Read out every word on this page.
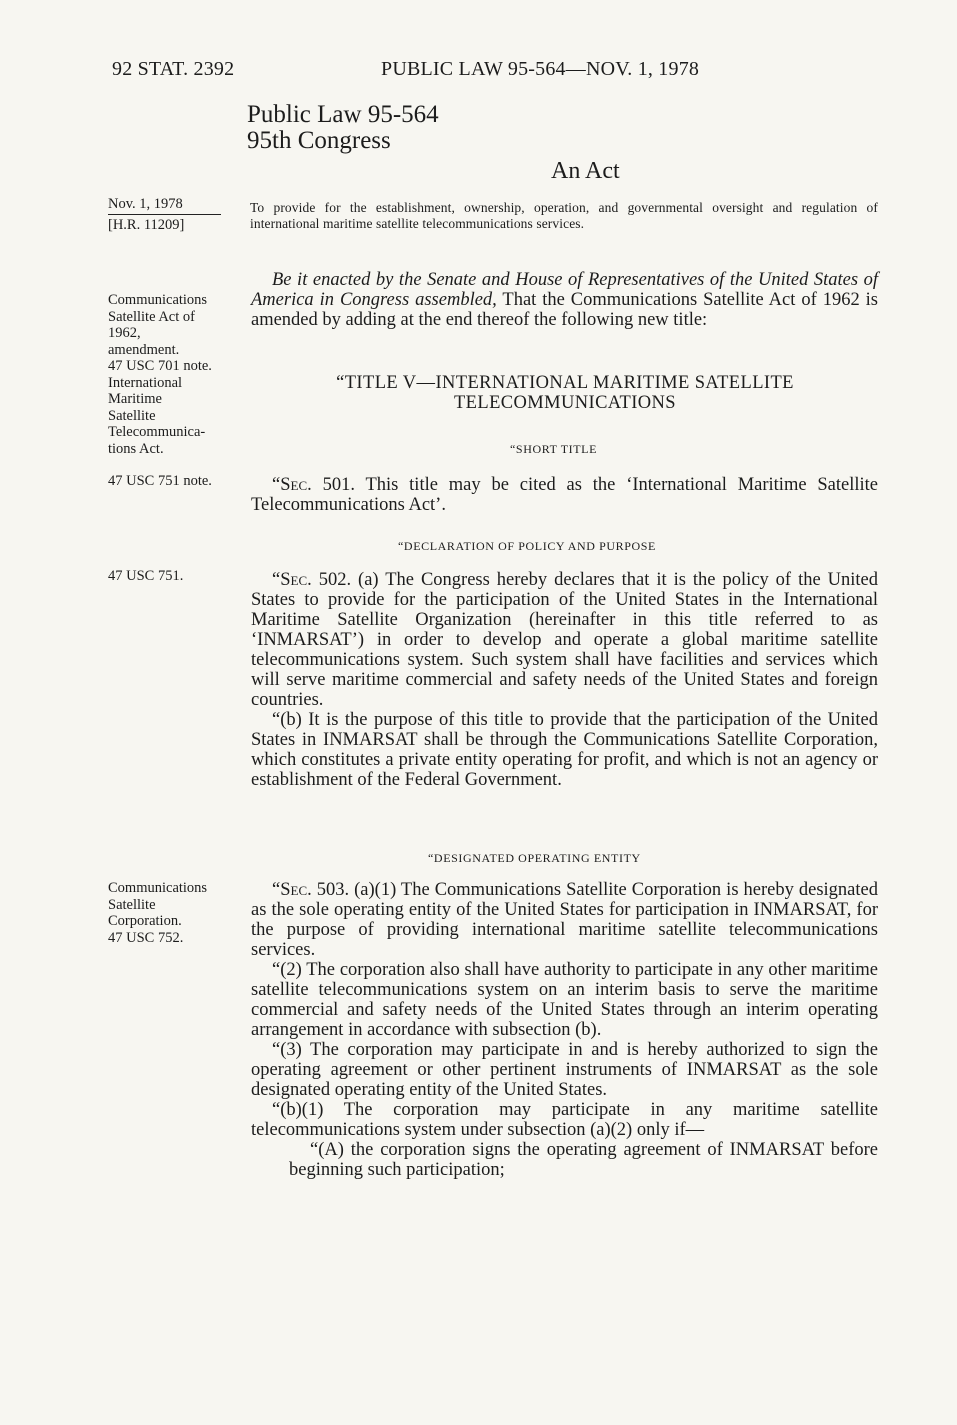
92 STAT. 2392	PUBLIC LAW 95-564—NOV. 1, 1978
Public Law 95-564
95th Congress
An Act
Nov. 1, 1978
[H.R. 11209]
Communications
Satellite Act of
1962,
amendment.
47 USC 701 note.
International
Maritime
Satellite
Telecommunica-
tions Act.
47 USC 751 note.
47 USC 751.
Communications
Satellite
Corporation.
47 USC 752.
To provide for the establishment, ownership, operation, and governmental oversight and regulation of international maritime satellite telecommunications services.

Be it enacted by the Senate and House of Representatives of the United States of America in Congress assembled, That the Communications Satellite Act of 1962 is amended by adding at the end thereof the following new title:

“TITLE V—INTERNATIONAL MARITIME SATELLITE
TELECOMMUNICATIONS
“SHORT TITLE

“Sec. 501. This title may be cited as the ‘International Maritime Satellite Telecommunications Act’.

“DECLARATION OF POLICY AND PURPOSE

“Sec. 502. (a) The Congress hereby declares that it is the policy of the United States to provide for the participation of the United States in the International Maritime Satellite Organization (hereinafter in this title referred to as ‘INMARSAT’) in order to develop and operate a global maritime satellite telecommunications system. Such system shall have facilities and services which will serve maritime commercial and safety needs of the United States and foreign countries.

“(b) It is the purpose of this title to provide that the participation of the United States in INMARSAT shall be through the Communications Satellite Corporation, which constitutes a private entity operating for profit, and which is not an agency or establishment of the Federal Government.

“DESIGNATED OPERATING ENTITY

“Sec. 503. (a)(1) The Communications Satellite Corporation is hereby designated as the sole operating entity of the United States for participation in INMARSAT, for the purpose of providing international maritime satellite telecommunications services.

“(2) The corporation also shall have authority to participate in any other maritime satellite telecommunications system on an interim basis to serve the maritime commercial and safety needs of the United States through an interim operating arrangement in accordance with subsection (b).

“(3) The corporation may participate in and is hereby authorized to sign the operating agreement or other pertinent instruments of INMARSAT as the sole designated operating entity of the United States.

“(b)(1) The corporation may participate in any maritime satellite telecommunications system under subsection (a)(2) only if—

“(A) the corporation signs the operating agreement of INMARSAT before beginning such participation;
